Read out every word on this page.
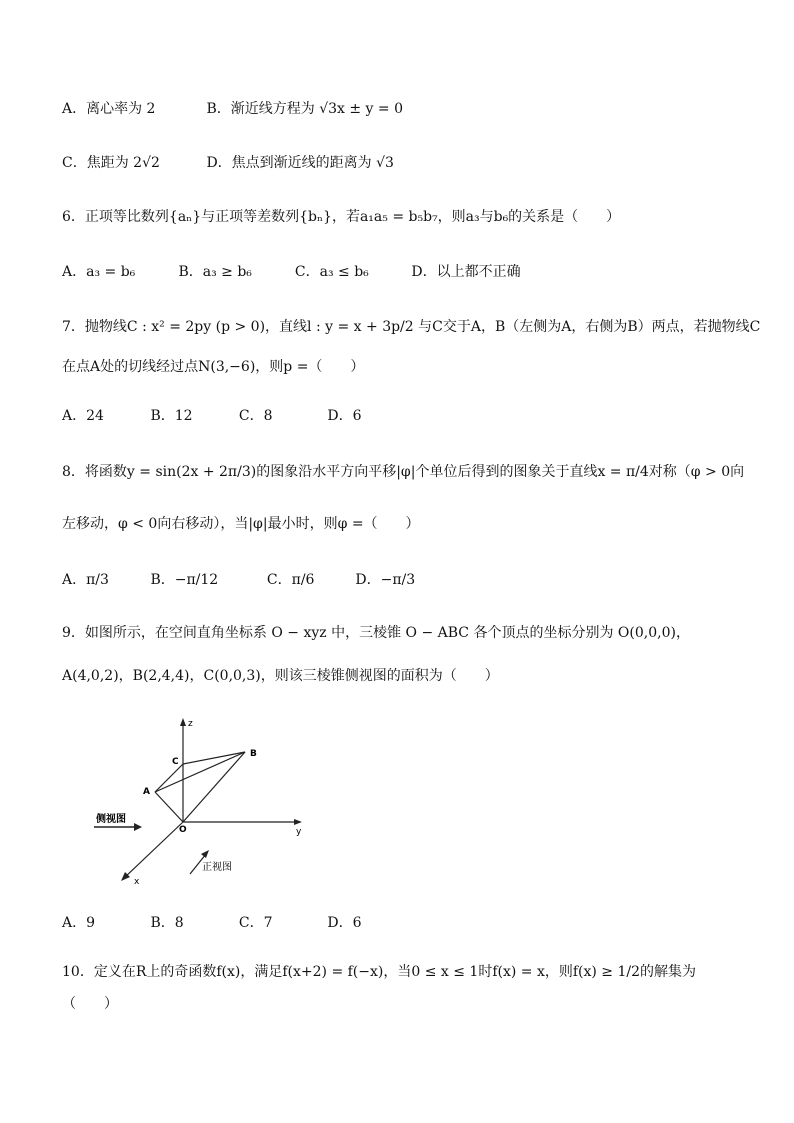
A．离心率为 2	B．渐近线方程为 √3x ± y = 0
C．焦距为 2√2	D．焦点到渐近线的距离为 √3
6．正项等比数列{aₙ}与正项等差数列{bₙ}，若a₁a₅ = b₅b₇，则a₃与b₆的关系是（　　）
A．a₃ = b₆	B．a₃ ≥ b₆	C．a₃ ≤ b₆	D．以上都不正确
7．抛物线C : x² = 2py (p > 0)，直线l : y = x + 3p/2 与C交于A，B（左侧为A，右侧为B）两点，若抛物线C
在点A处的切线经过点N(3,−6)，则p =（　　）
A．24	B．12	C．8	D．6
8．将函数y = sin(2x + 2π/3)的图象沿水平方向平移|φ|个单位后得到的图象关于直线x = π/4对称（φ > 0向
左移动，φ < 0向右移动），当|φ|最小时，则φ =（　　）
A．π/3	B．−π/12	C．π/6	D．−π/3
9．如图所示，在空间直角坐标系 O − xyz 中，三棱锥 O − ABC 各个顶点的坐标分别为 O(0,0,0)，
A(4,0,2)，B(2,4,4)，C(0,0,3)，则该三棱锥侧视图的面积为（　　）
z
y
x
O
A
B
C
侧视图
正视图
A．9	B．8	C．7	D．6
10．定义在R上的奇函数f(x)，满足f(x+2) = f(−x)，当0 ≤ x ≤ 1时f(x) = x，则f(x) ≥ 1/2的解集为
（　　）
